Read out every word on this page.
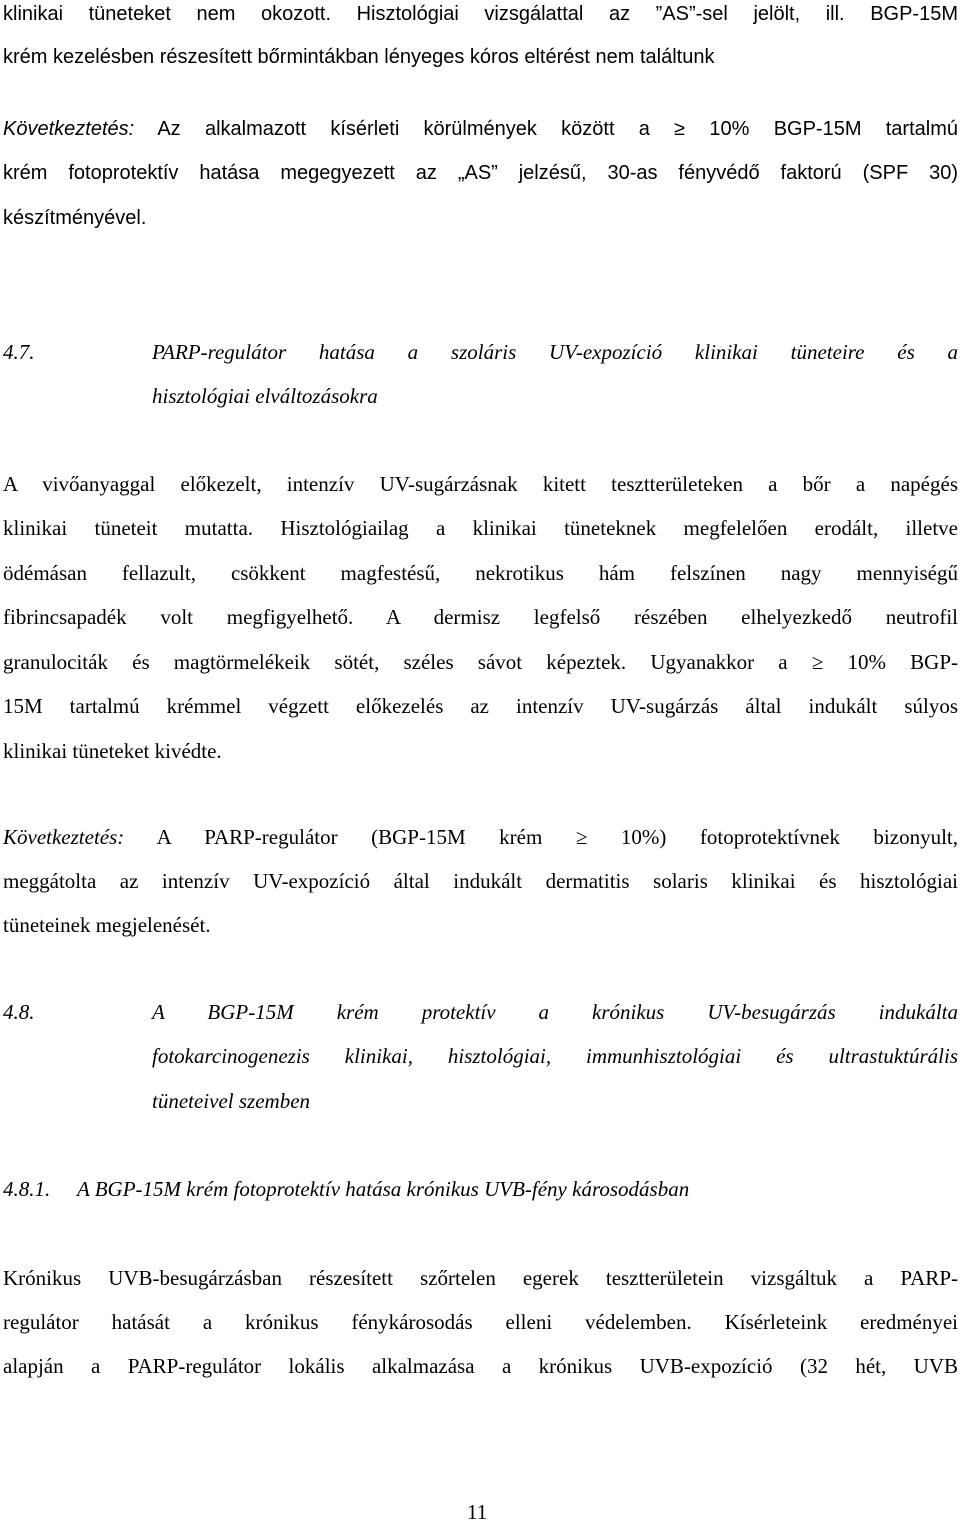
klinikai tüneteket nem okozott. Hisztológiai vizsgálattal az ”AS”-sel jelölt, ill. BGP-15M
krém kezelésben részesített bőrmintákban lényeges kóros eltérést nem találtunk
Következtetés: Az alkalmazott kísérleti körülmények között a ≥ 10% BGP-15M tartalmú
krém fotoprotektív hatása megegyezett az „AS” jelzésű, 30-as fényvédő faktorú (SPF 30)
készítményével.
4.7.	PARP-regulátor hatása a szoláris UV-expozíció klinikai tüneteire és a
hisztológiai elváltozásokra
A vivőanyaggal előkezelt, intenzív UV-sugárzásnak kitett tesztterületeken a bőr a napégés
klinikai tüneteit mutatta. Hisztológiailag a klinikai tüneteknek megfelelően erodált, illetve
ödémásan fellazult, csökkent magfestésű, nekrotikus hám felszínen nagy mennyiségű
fibrincsapadék volt megfigyelhető. A dermisz legfelső részében elhelyezkedő neutrofil
granulociták és magtörmelékeik sötét, széles sávot képeztek. Ugyanakkor a ≥ 10% BGP-
15M tartalmú krémmel végzett előkezelés az intenzív UV-sugárzás által indukált súlyos
klinikai tüneteket kivédte.
Következtetés: A PARP-regulátor (BGP-15M krém ≥ 10%) fotoprotektívnek bizonyult,
meggátolta az intenzív UV-expozíció által indukált dermatitis solaris klinikai és hisztológiai
tüneteinek megjelenését.
4.8.	A BGP-15M krém protektív a krónikus UV-besugárzás indukálta
fotokarcinogenezis klinikai, hisztológiai, immunhisztológiai és ultrastuktúrális
tüneteivel szemben
4.8.1. A BGP-15M krém fotoprotektív hatása krónikus UVB-fény károsodásban
Krónikus UVB-besugárzásban részesített szőrtelen egerek tesztterületein vizsgáltuk a PARP-
regulátor hatását a krónikus fénykárosodás elleni védelemben. Kísérleteink eredményei
alapján a PARP-regulátor lokális alkalmazása a krónikus UVB-expozíció (32 hét, UVB
11
